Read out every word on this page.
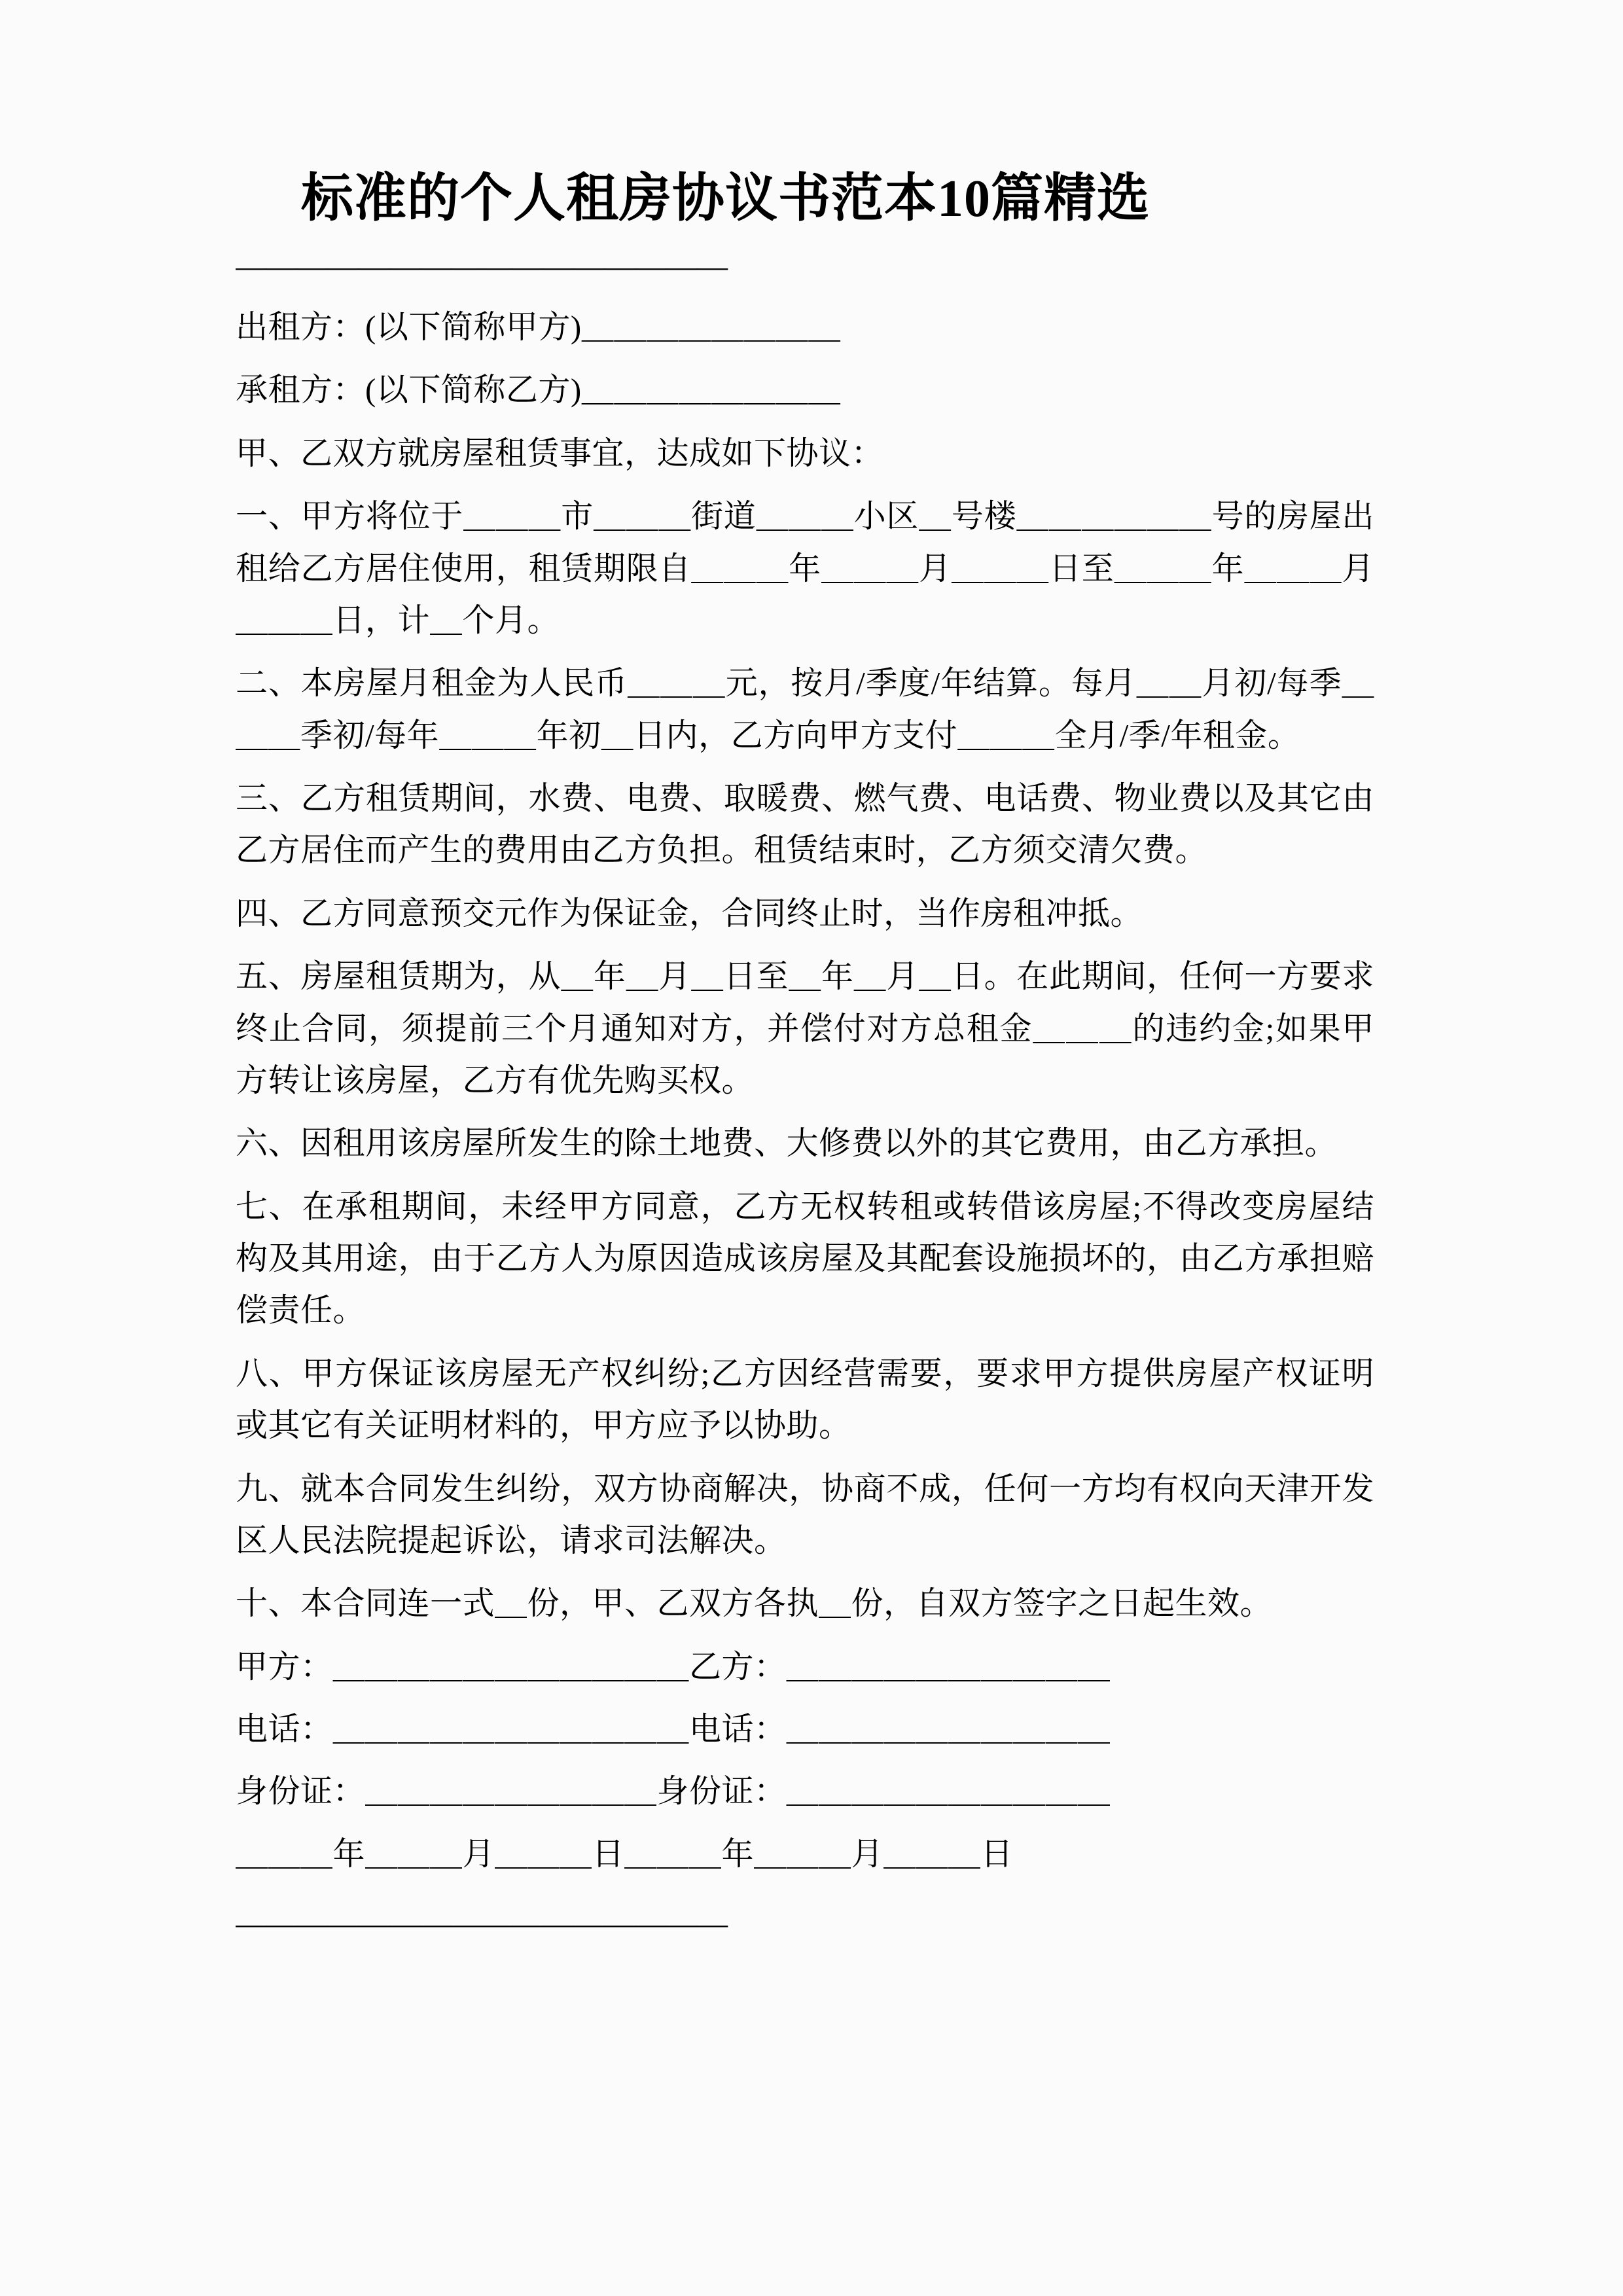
标准的个人租房协议书范本10篇精选
————————————————

出租方：(以下简称甲方)＿＿＿＿＿＿＿＿

承租方：(以下简称乙方)＿＿＿＿＿＿＿＿

甲、乙双方就房屋租赁事宜，达成如下协议：

一、甲方将位于＿＿＿市＿＿＿街道＿＿＿小区＿号楼＿＿＿＿＿＿号的房屋出租给乙方居住使用，租赁期限自＿＿＿年＿＿＿月＿＿＿日至＿＿＿年＿＿＿月＿＿＿日，计＿个月。

二、本房屋月租金为人民币＿＿＿元，按月/季度/年结算。每月＿＿月初/每季＿＿＿季初/每年＿＿＿年初＿日内，乙方向甲方支付＿＿＿全月/季/年租金。

三、乙方租赁期间，水费、电费、取暖费、燃气费、电话费、物业费以及其它由乙方居住而产生的费用由乙方负担。租赁结束时，乙方须交清欠费。

四、乙方同意预交元作为保证金，合同终止时，当作房租冲抵。

五、房屋租赁期为，从＿年＿月＿日至＿年＿月＿日。在此期间，任何一方要求终止合同，须提前三个月通知对方，并偿付对方总租金＿＿＿的违约金;如果甲方转让该房屋，乙方有优先购买权。

六、因租用该房屋所发生的除土地费、大修费以外的其它费用，由乙方承担。

七、在承租期间，未经甲方同意，乙方无权转租或转借该房屋;不得改变房屋结构及其用途，由于乙方人为原因造成该房屋及其配套设施损坏的，由乙方承担赔偿责任。

八、甲方保证该房屋无产权纠纷;乙方因经营需要，要求甲方提供房屋产权证明或其它有关证明材料的，甲方应予以协助。

九、就本合同发生纠纷，双方协商解决，协商不成，任何一方均有权向天津开发区人民法院提起诉讼，请求司法解决。

十、本合同连一式＿份，甲、乙双方各执＿份，自双方签字之日起生效。

甲方：＿＿＿＿＿＿＿＿＿＿＿乙方：＿＿＿＿＿＿＿＿＿＿

电话：＿＿＿＿＿＿＿＿＿＿＿电话：＿＿＿＿＿＿＿＿＿＿

身份证：＿＿＿＿＿＿＿＿＿身份证：＿＿＿＿＿＿＿＿＿＿

＿＿＿年＿＿＿月＿＿＿日＿＿＿年＿＿＿月＿＿＿日

————————————————
